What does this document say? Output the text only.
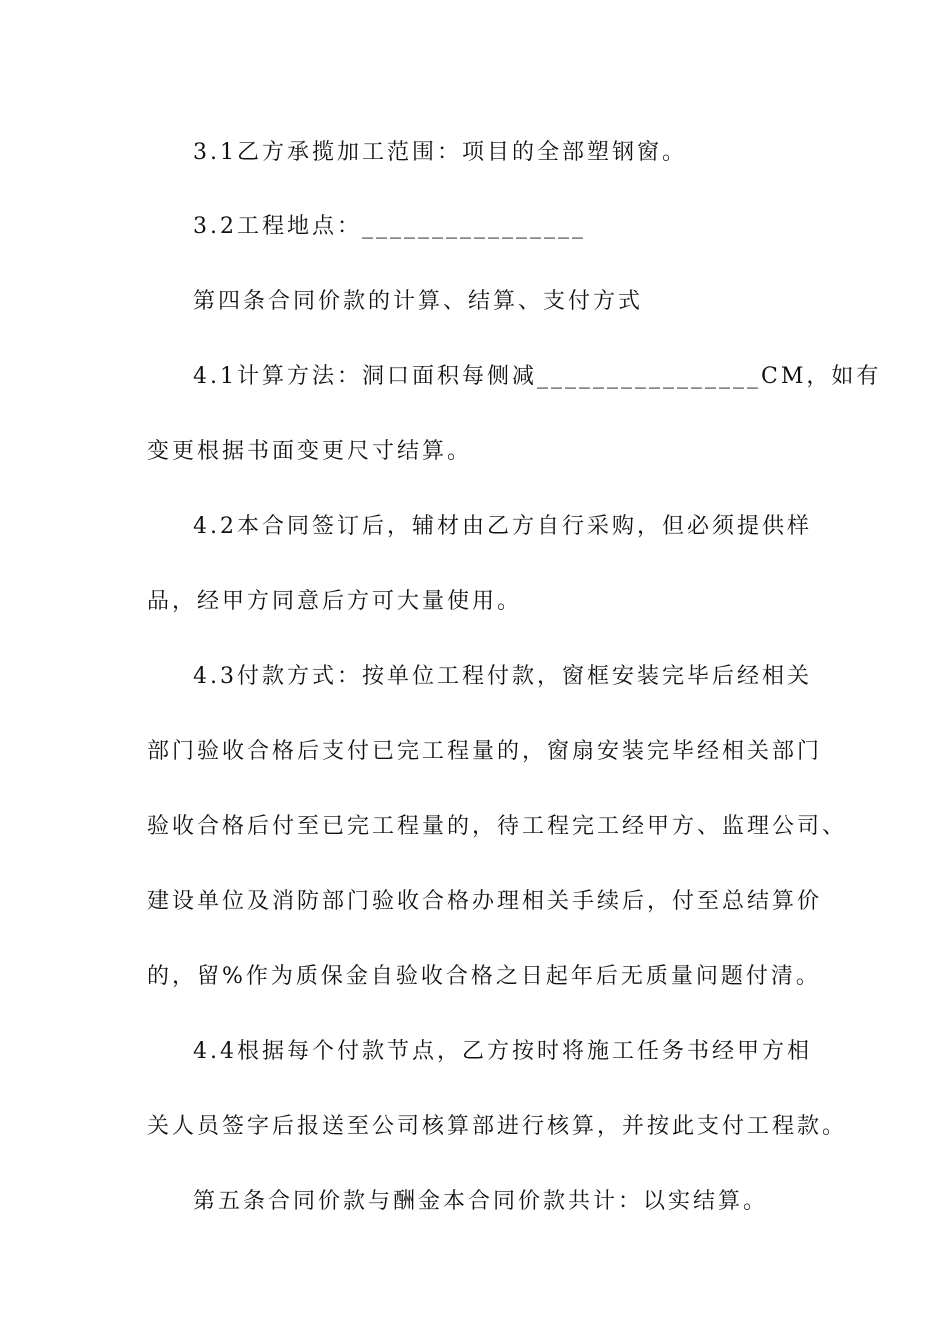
3.1乙方承揽加工范围：项目的全部塑钢窗。
3.2工程地点：________________
第四条合同价款的计算、结算、支付方式
4.1计算方法：洞口面积每侧减________________CM，如有
变更根据书面变更尺寸结算。
4.2本合同签订后，辅材由乙方自行采购，但必须提供样
品，经甲方同意后方可大量使用。
4.3付款方式：按单位工程付款，窗框安装完毕后经相关
部门验收合格后支付已完工程量的，窗扇安装完毕经相关部门
验收合格后付至已完工程量的，待工程完工经甲方、监理公司、
建设单位及消防部门验收合格办理相关手续后，付至总结算价
的，留%作为质保金自验收合格之日起年后无质量问题付清。
4.4根据每个付款节点，乙方按时将施工任务书经甲方相
关人员签字后报送至公司核算部进行核算，并按此支付工程款。
第五条合同价款与酬金本合同价款共计：以实结算。
